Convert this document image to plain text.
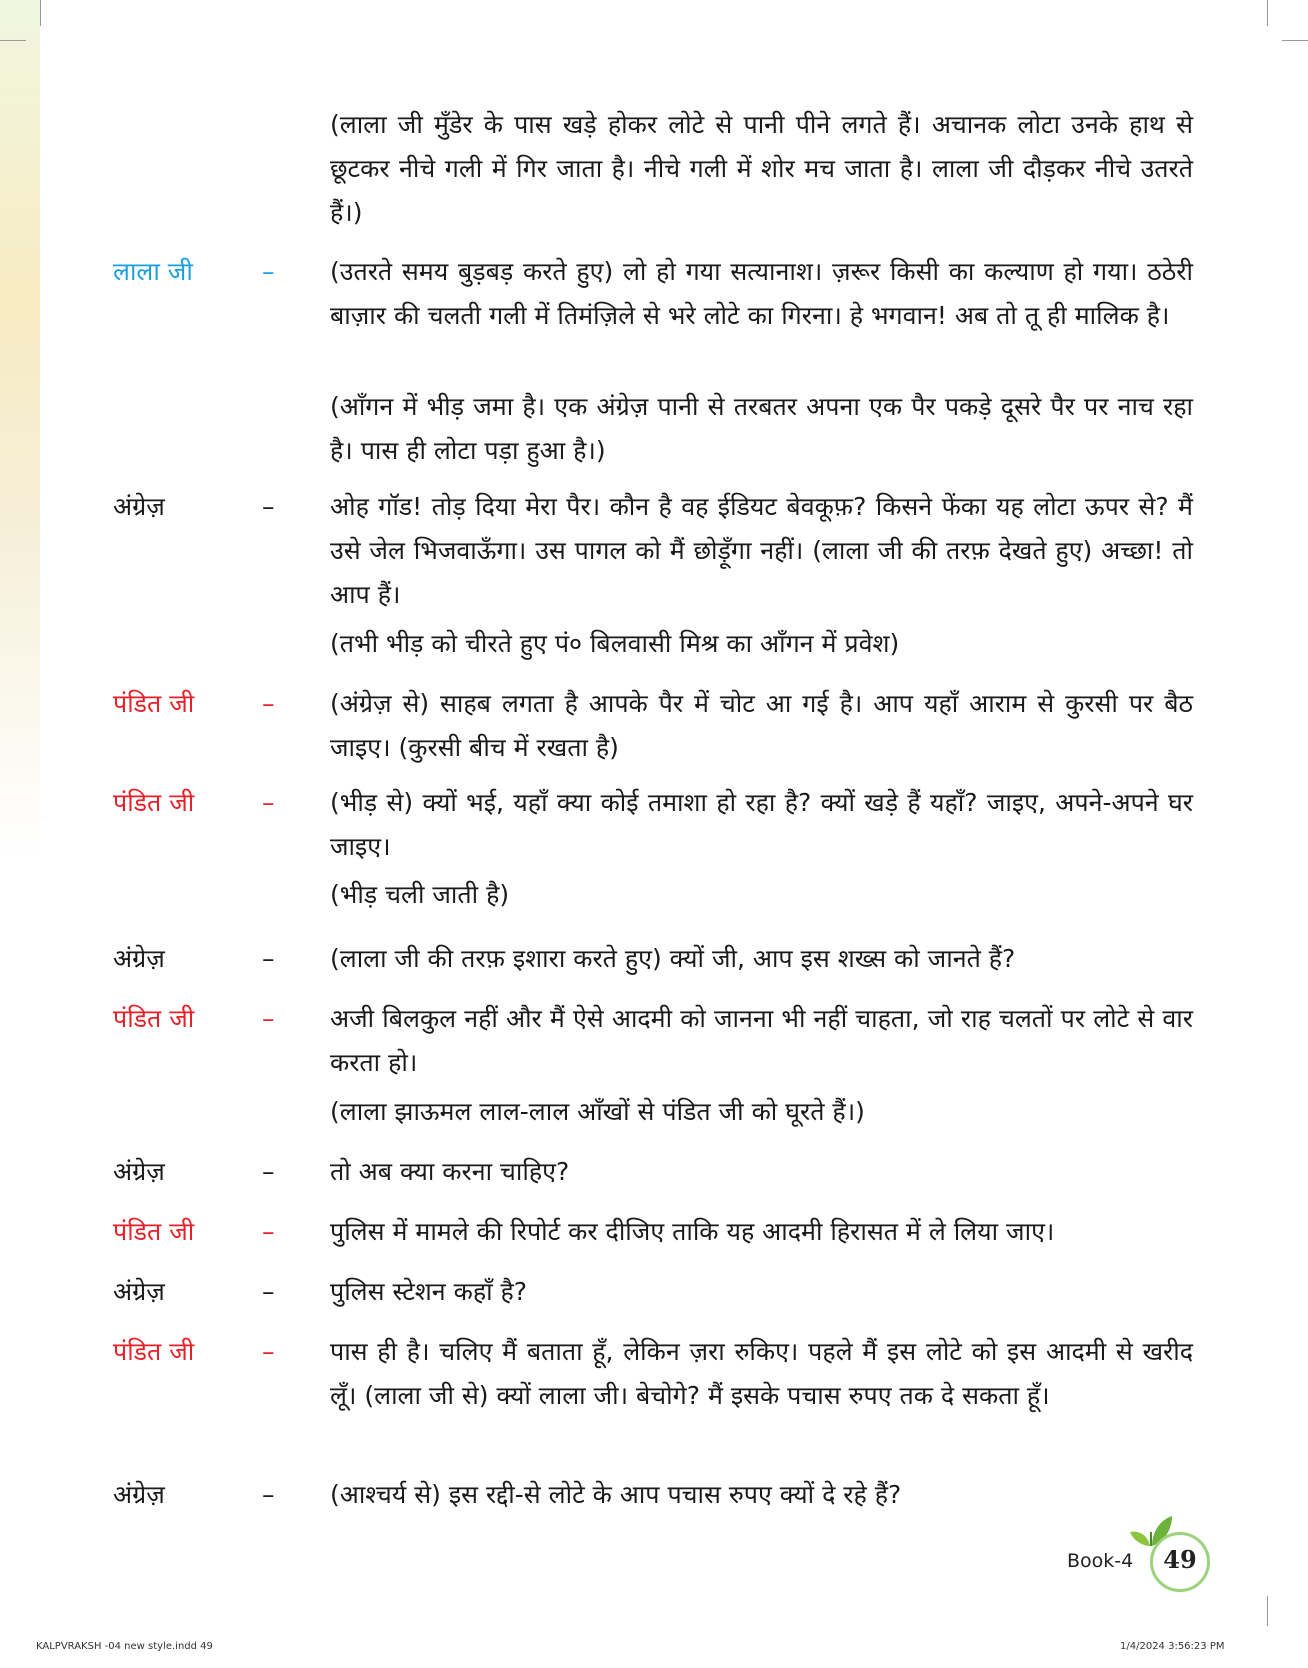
(लाला जी मुँडेर के पास खड़े होकर लोटे से पानी पीने लगते हैं। अचानक लोटा उनके हाथ से छूटकर नीचे गली में गिर जाता है। नीचे गली में शोर मच जाता है। लाला जी दौड़कर नीचे उतरते हैं।)
लाला जी	– (उतरते समय बुड़बड़ करते हुए) लो हो गया सत्यानाश। ज़रूर किसी का कल्याण हो गया। ठठेरी बाज़ार की चलती गली में तिमंज़िले से भरे लोटे का गिरना। हे भगवान! अब तो तू ही मालिक है।
(आँगन में भीड़ जमा है। एक अंग्रेज़ पानी से तरबतर अपना एक पैर पकड़े दूसरे पैर पर नाच रहा है। पास ही लोटा पड़ा हुआ है।)
अंग्रेज़	– ओह गॉड! तोड़ दिया मेरा पैर। कौन है वह ईडियट बेवकूफ़? किसने फेंका यह लोटा ऊपर से? मैं उसे जेल भिजवाऊँगा। उस पागल को मैं छोड़ूँगा नहीं। (लाला जी की तरफ़ देखते हुए) अच्छा! तो आप हैं।
(तभी भीड़ को चीरते हुए पं० बिलवासी मिश्र का आँगन में प्रवेश)
पंडित जी	– (अंग्रेज़ से) साहब लगता है आपके पैर में चोट आ गई है। आप यहाँ आराम से कुरसी पर बैठ जाइए। (कुरसी बीच में रखता है)
पंडित जी	– (भीड़ से) क्यों भई, यहाँ क्या कोई तमाशा हो रहा है? क्यों खड़े हैं यहाँ? जाइए, अपने-अपने घर जाइए।
(भीड़ चली जाती है)
अंग्रेज़	– (लाला जी की तरफ़ इशारा करते हुए) क्यों जी, आप इस शख्स को जानते हैं?
पंडित जी	– अजी बिलकुल नहीं और मैं ऐसे आदमी को जानना भी नहीं चाहता, जो राह चलतों पर लोटे से वार करता हो।
(लाला झाऊमल लाल-लाल आँखों से पंडित जी को घूरते हैं।)
अंग्रेज़	– तो अब क्या करना चाहिए?
पंडित जी	– पुलिस में मामले की रिपोर्ट कर दीजिए ताकि यह आदमी हिरासत में ले लिया जाए।
अंग्रेज़	– पुलिस स्टेशन कहाँ है?
पंडित जी	– पास ही है। चलिए मैं बताता हूँ, लेकिन ज़रा रुकिए। पहले मैं इस लोटे को इस आदमी से खरीद लूँ। (लाला जी से) क्यों लाला जी। बेचोगे? मैं इसके पचास रुपए तक दे सकता हूँ।
अंग्रेज़	– (आश्चर्य से) इस रद्दी-से लोटे के आप पचास रुपए क्यों दे रहे हैं?
Book-4	49
KALPVRAKSH -04 new style.indd 49	1/4/2024 3:56:23 PM
